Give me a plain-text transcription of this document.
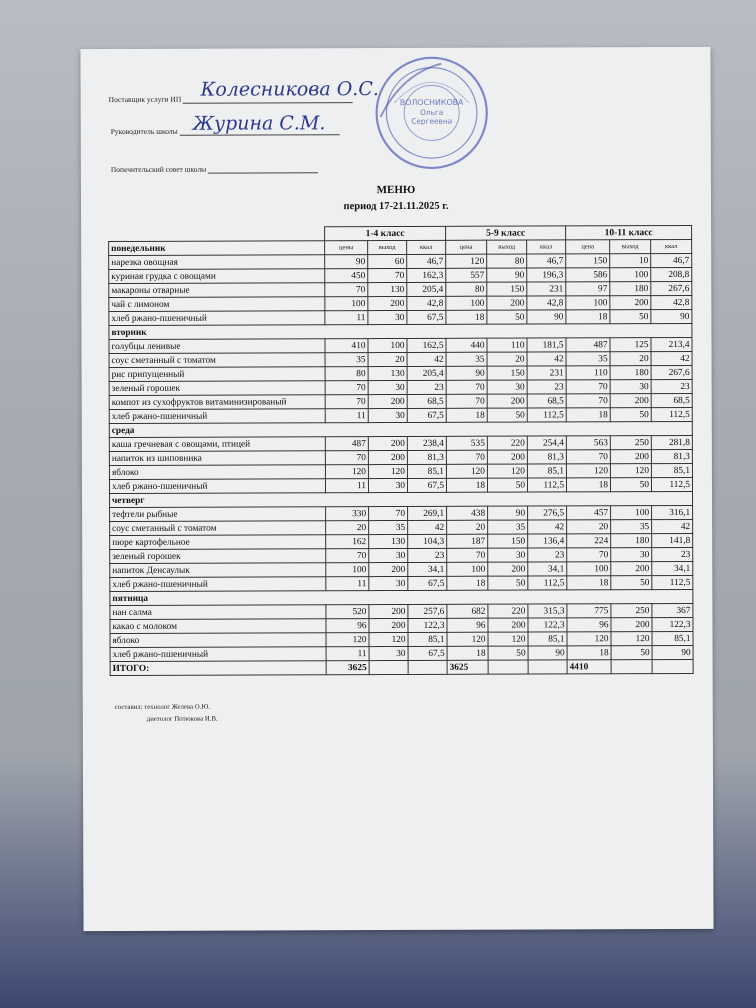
Поставщик услуги ИП	Колесникова О.С.
Руководитель школы Журина С.М.
Попечительский совет школы
ВОЛОСНИКОВА
Ольга
Сергеевна
МЕНЮ
период 17-21.11.2025 г.
	1-4 класс			5-9 класс			10-11 класс		
понедельник	цены	выход	ккал	цена	выход	ккал	цена	выход	ккал
нарезка овощная	90	60	46,7	120	80	46,7	150	10	46,7
куриная грудка с овощами	450	70	162,3	557	90	196,3	586	100	208,8
макароны отварные	70	130	205,4	80	150	231	97	180	267,6
чай с лимоном	100	200	42,8	100	200	42,8	100	200	42,8
хлеб ржано-пшеничный	11	30	67,5	18	50	90	18	50	90
вторник									
голубцы ленивые	410	100	162,5	440	110	181,5	487	125	213,4
соус сметанный с томатом	35	20	42	35	20	42	35	20	42
рис припущенный	80	130	205,4	90	150	231	110	180	267,6
зеленый горошек	70	30	23	70	30	23	70	30	23
компот из сухофруктов витаминизированый	70	200	68,5	70	200	68,5	70	200	68,5
хлеб ржано-пшеничный	11	30	67,5	18	50	112,5	18	50	112,5
среда									
каша гречневая с овощами, птицей	487	200	238,4	535	220	254,4	563	250	281,8
напиток из шиповника	70	200	81,3	70	200	81,3	70	200	81,3
яблоко	120	120	85,1	120	120	85,1	120	120	85,1
хлеб ржано-пшеничный	11	30	67,5	18	50	112,5	18	50	112,5
четверг									
тефтели рыбные	330	70	269,1	438	90	276,5	457	100	316,1
соус сметанный с томатом	20	35	42	20	35	42	20	35	42
пюре картофельное	162	130	104,3	187	150	136,4	224	180	141,8
зеленый горошек	70	30	23	70	30	23	70	30	23
напиток Денсаулык	100	200	34,1	100	200	34,1	100	200	34,1
хлеб ржано-пшеничный	11	30	67,5	18	50	112,5	18	50	112,5
пятница									
нан салма	520	200	257,6	682	220	315,3	775	250	367
какао с молоком	96	200	122,3	96	200	122,3	96	200	122,3
яблоко	120	120	85,1	120	120	85,1	120	120	85,1
хлеб ржано-пшеничный	11	30	67,5	18	50	90	18	50	90
ИТОГО:	3625			3625			4410		
составил: технолог Желева О.Ю.
диетолог Потюкова И.В.
